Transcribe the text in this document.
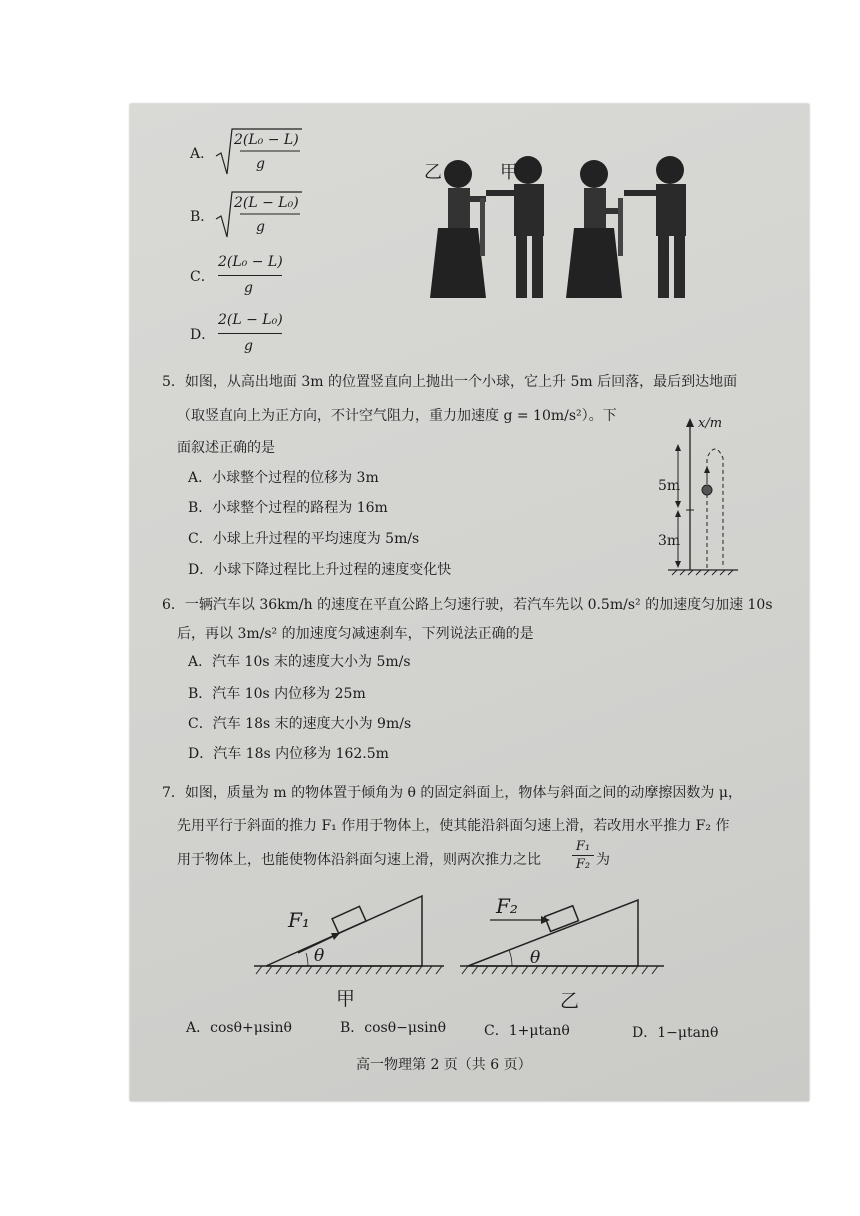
A．
2(L₀ − L)
g
B．
2(L − L₀)
g
C．
2(L₀ − L)
g
D．
2(L − L₀)
g
乙	甲
5．如图，从高出地面 3m 的位置竖直向上抛出一个小球，它上升 5m 后回落，最后到达地面
（取竖直向上为正方向，不计空气阻力，重力加速度 g = 10m/s²）。下
面叙述正确的是
A．小球整个过程的位移为 3m
B．小球整个过程的路程为 16m
C．小球上升过程的平均速度为 5m/s
D．小球下降过程比上升过程的速度变化快
x/m
5m
3m
6．一辆汽车以 36km/h 的速度在平直公路上匀速行驶，若汽车先以 0.5m/s² 的加速度匀加速 10s
后，再以 3m/s² 的加速度匀减速刹车，下列说法正确的是
A．汽车 10s 末的速度大小为 5m/s
B．汽车 10s 内位移为 25m
C．汽车 18s 末的速度大小为 9m/s
D．汽车 18s 内位移为 162.5m
7．如图，质量为 m 的物体置于倾角为 θ 的固定斜面上，物体与斜面之间的动摩擦因数为 μ，
先用平行于斜面的推力 F₁ 作用于物体上，使其能沿斜面匀速上滑，若改用水平推力 F₂ 作
用于物体上，也能使物体沿斜面匀速上滑，则两次推力之比 $\frac{\text{F₁}}{\text{F₂}}$ 为
F₁
θ
甲
F₂
θ
乙
A．cosθ+μsinθ	B．cosθ−μsinθ	C．1+μtanθ	D．1−μtanθ
高一物理第 2 页（共 6 页）
